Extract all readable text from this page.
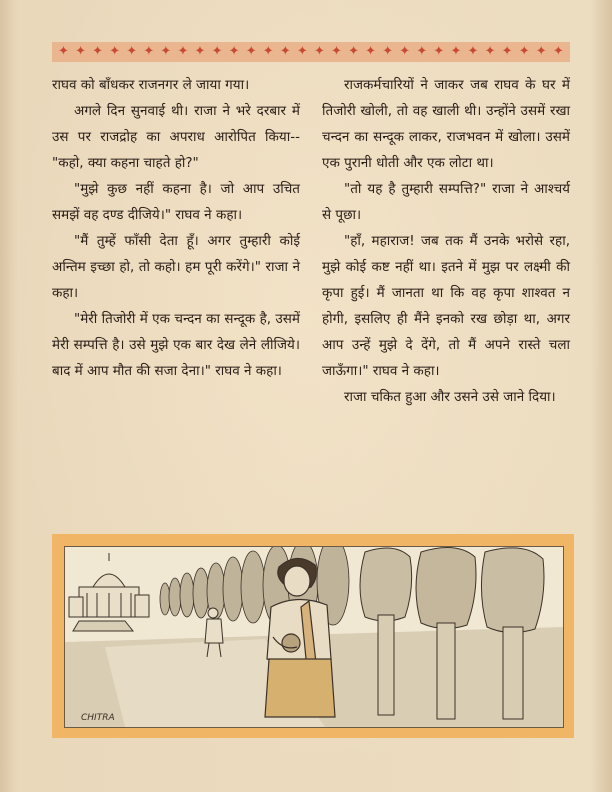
✦ ✦ ✦ ✦ ✦ ✦ ✦ ✦ ✦ ✦ ✦ ✦ ✦ ✦ ✦ ✦ ✦ ✦ ✦ ✦ ✦ ✦ ✦ ✦ ✦ ✦ ✦ ✦ ✦ ✦

राघव को बाँधकर राजनगर ले जाया गया।

अगले दिन सुनवाई थी। राजा ने भरे दरबार में उस पर राजद्रोह का अपराध आरोपित किया--"कहो, क्या कहना चाहते हो?"

"मुझे कुछ नहीं कहना है। जो आप उचित समझें वह दण्ड दीजिये।" राघव ने कहा।

"मैं तुम्हें फाँसी देता हूँ। अगर तुम्हारी कोई अन्तिम इच्छा हो, तो कहो। हम पूरी करेंगे।" राजा ने कहा।

"मेरी तिजोरी में एक चन्दन का सन्दूक है, उसमें मेरी सम्पत्ति है। उसे मुझे एक बार देख लेने लीजिये। बाद में आप मौत की सजा देना।" राघव ने कहा।

राजकर्मचारियों ने जाकर जब राघव के घर में तिजोरी खोली, तो वह खाली थी। उन्होंने उसमें रखा चन्दन का सन्दूक लाकर, राजभवन में खोला। उसमें एक पुरानी धोती और एक लोटा था।

"तो यह है तुम्हारी सम्पत्ति?" राजा ने आश्चर्य से पूछा।

"हाँ, महाराज! जब तक मैं उनके भरोसे रहा, मुझे कोई कष्ट नहीं था। इतने में मुझ पर लक्ष्मी की कृपा हुई। मैं जानता था कि वह कृपा शाश्वत न होगी, इसलिए ही मैंने इनको रख छोड़ा था, अगर आप उन्हें मुझे दे देंगे, तो मैं अपने रास्ते चला जाऊँगा।" राघव ने कहा।

राजा चकित हुआ और उसने उसे जाने दिया।

CHITRA
